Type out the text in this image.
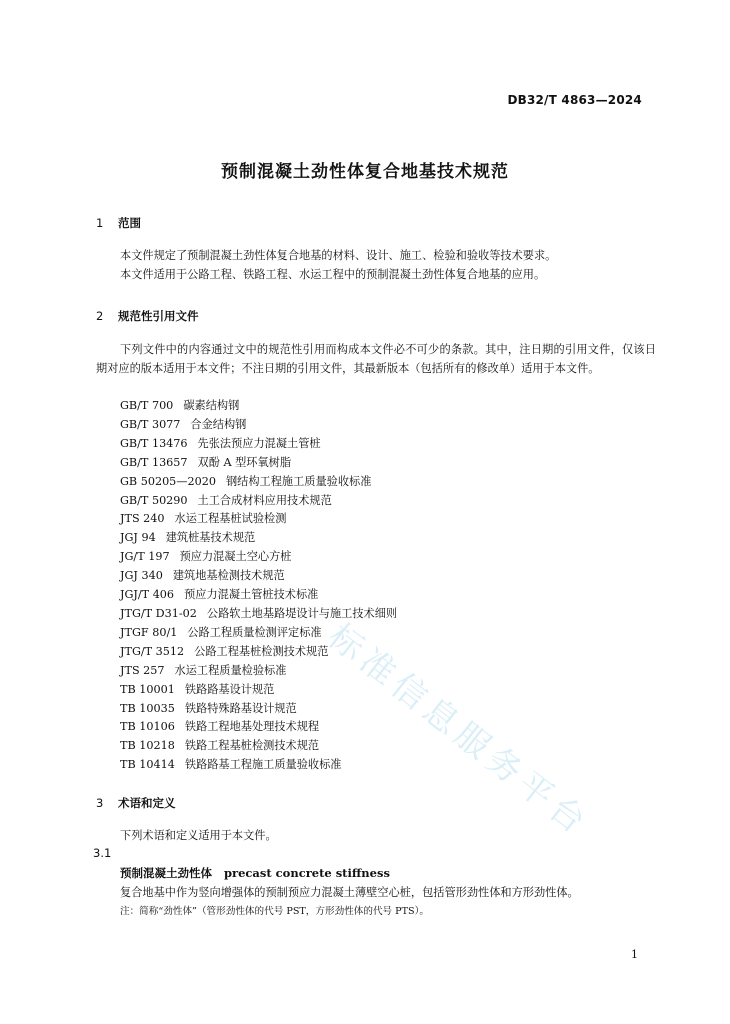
标准信息服务平台
DB32/T 4863—2024
预制混凝土劲性体复合地基技术规范
1 范围
本文件规定了预制混凝土劲性体复合地基的材料、设计、施工、检验和验收等技术要求。
本文件适用于公路工程、铁路工程、水运工程中的预制混凝土劲性体复合地基的应用。
2 规范性引用文件
下列文件中的内容通过文中的规范性引用而构成本文件必不可少的条款。其中，注日期的引用文件，仅该日期对应的版本适用于本文件；不注日期的引用文件，其最新版本（包括所有的修改单）适用于本文件。
GB/T 700 碳素结构钢
GB/T 3077 合金结构钢
GB/T 13476 先张法预应力混凝土管桩
GB/T 13657 双酚 A 型环氧树脂
GB 50205—2020 钢结构工程施工质量验收标准
GB/T 50290 土工合成材料应用技术规范
JTS 240 水运工程基桩试验检测
JGJ 94 建筑桩基技术规范
JG/T 197 预应力混凝土空心方桩
JGJ 340 建筑地基检测技术规范
JGJ/T 406 预应力混凝土管桩技术标准
JTG/T D31-02 公路软土地基路堤设计与施工技术细则
JTGF 80/1 公路工程质量检测评定标准
JTG/T 3512 公路工程基桩检测技术规范
JTS 257 水运工程质量检验标准
TB 10001 铁路路基设计规范
TB 10035 铁路特殊路基设计规范
TB 10106 铁路工程地基处理技术规程
TB 10218 铁路工程基桩检测技术规范
TB 10414 铁路路基工程施工质量验收标准
3 术语和定义
下列术语和定义适用于本文件。
3.1
预制混凝土劲性体 precast concrete stiffness
复合地基中作为竖向增强体的预制预应力混凝土薄壁空心桩，包括管形劲性体和方形劲性体。
注：简称“劲性体”（管形劲性体的代号 PST，方形劲性体的代号 PTS）。
1
